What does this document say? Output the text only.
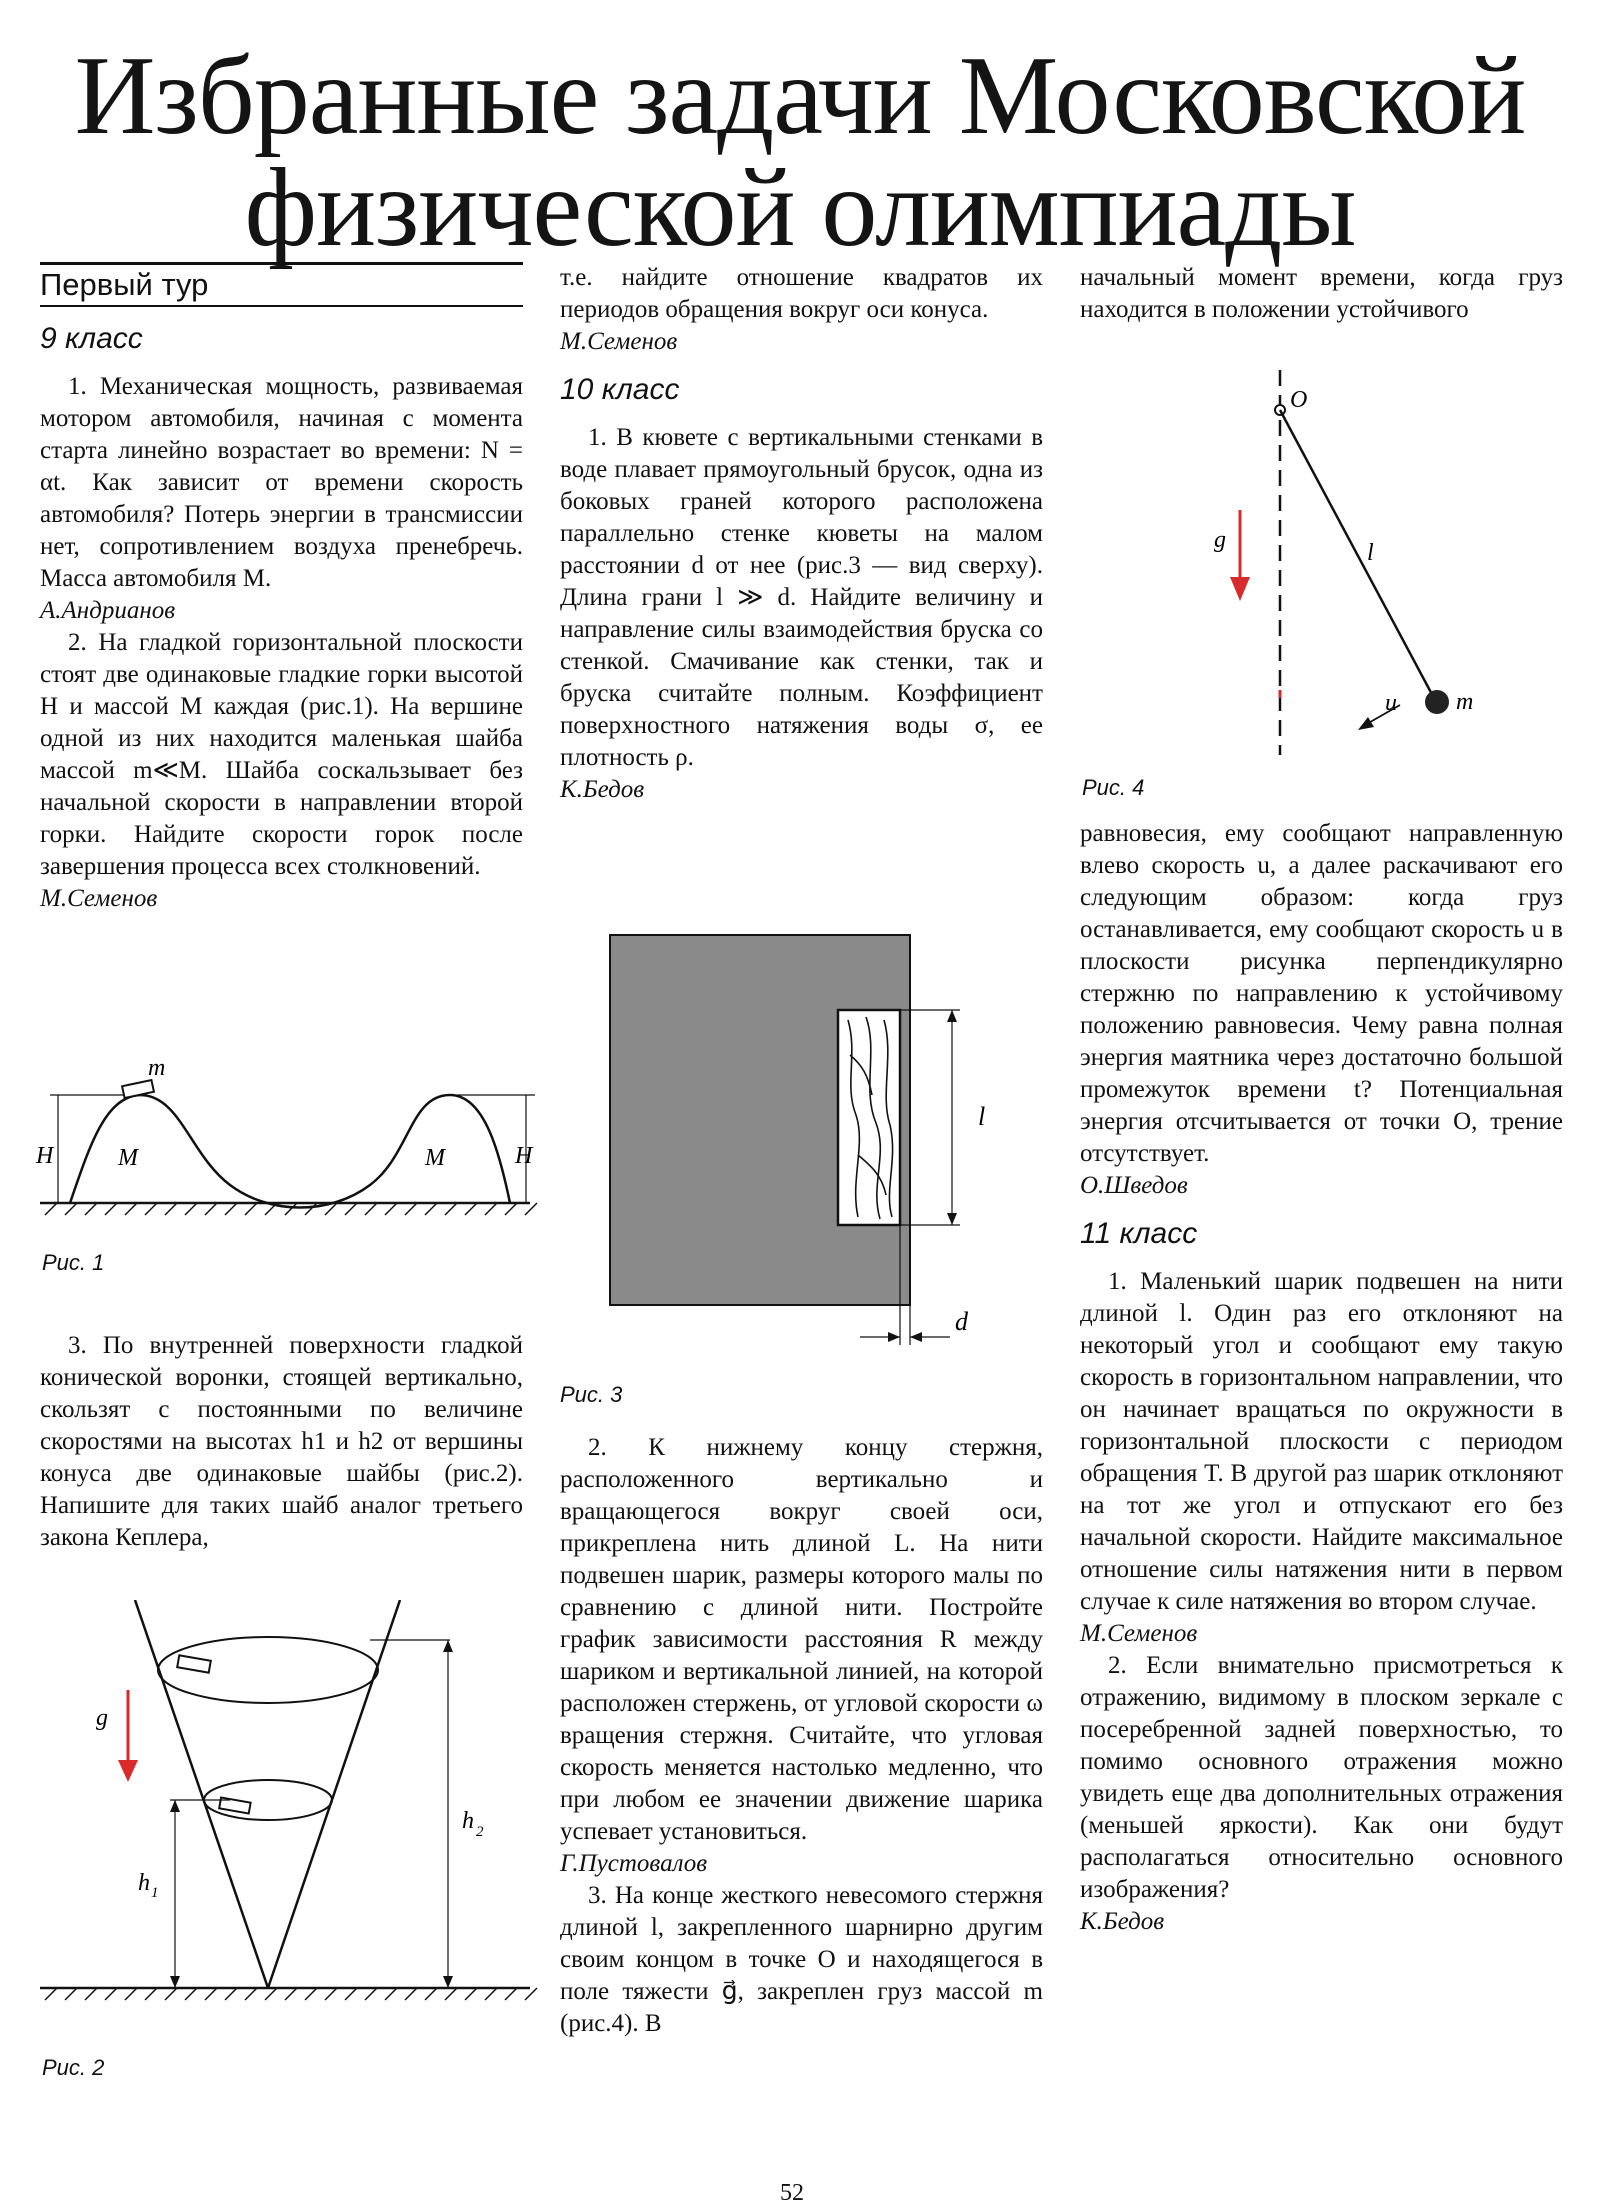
Избранные задачи Московской
физической олимпиады
Первый тур
9 класс

1. Механическая мощность, развиваемая мотором автомобиля, начиная с момента старта линейно возрастает во времени: N = αt. Как зависит от времени скорость автомобиля? Потерь энергии в трансмиссии нет, сопротивлением воздуха пренебречь. Масса автомобиля M.

А.Андрианов

2. На гладкой горизонтальной плоскости стоят две одинаковые гладкие горки высотой H и массой M каждая (рис.1). На вершине одной из них находится маленькая шайба массой m≪M. Шайба соскальзывает без начальной скорости в направлении второй горки. Найдите скорости горок после завершения процесса всех столкновений.

М.Семенов

3. По внутренней поверхности гладкой конической воронки, стоящей вертикально, скользят с постоянными по величине скоростями на высотах h1 и h2 от вершины конуса две одинаковые шайбы (рис.2). Напишите для таких шайб аналог третьего закона Кеплера,

m
M	M
H	H
Рис. 1
g
h 1
h 2
Рис. 2

т.е. найдите отношение квадратов их периодов обращения вокруг оси конуса.

М.Семенов
10 класс

1. В кювете с вертикальными стенками в воде плавает прямоугольный брусок, одна из боковых граней которого расположена параллельно стенке кюветы на малом расстоянии d от нее (рис.3 — вид сверху). Длина грани l ≫ d. Найдите величину и направление силы взаимодействия бруска со стенкой. Смачивание как стенки, так и бруска считайте полным. Коэффициент поверхностного натяжения воды σ, ее плотность ρ.

К.Бедов
l
d
Рис. 3

2. К нижнему концу стержня, расположенного вертикально и вращающегося вокруг своей оси, прикреплена нить длиной L. На нити подвешен шарик, размеры которого малы по сравнению с длиной нити. Постройте график зависимости расстояния R между шариком и вертикальной линией, на которой расположен стержень, от угловой скорости ω вращения стержня. Считайте, что угловая скорость меняется настолько медленно, что при любом ее значении движение шарика успевает установиться.

Г.Пустовалов

3. На конце жесткого невесомого стержня длиной l, закрепленного шарнирно другим своим концом в точке O и находящегося в поле тяжести g⃗, закреплен груз массой m (рис.4). В

начальный момент времени, когда груз находится в положении устойчивого

O
g	l
u m
Рис. 4

равновесия, ему сообщают направленную влево скорость u, а далее раскачивают его следующим образом: когда груз останавливается, ему сообщают скорость u в плоскости рисунка перпендикулярно стержню по направлению к устойчивому положению равновесия. Чему равна полная энергия маятника через достаточно большой промежуток времени t? Потенциальная энергия отсчитывается от точки O, трение отсутствует.

О.Шведов
11 класс

1. Маленький шарик подвешен на нити длиной l. Один раз его отклоняют на некоторый угол и сообщают ему такую скорость в горизонтальном направлении, что он начинает вращаться по окружности в горизонтальной плоскости с периодом обращения T. В другой раз шарик отклоняют на тот же угол и отпускают его без начальной скорости. Найдите максимальное отношение силы натяжения нити в первом случае к силе натяжения во втором случае.

М.Семенов

2. Если внимательно присмотреться к отражению, видимому в плоском зеркале с посеребренной задней поверхностью, то помимо основного отражения можно увидеть еще два дополнительных отражения (меньшей яркости). Как они будут располагаться относительно основного изображения?

К.Бедов
52
